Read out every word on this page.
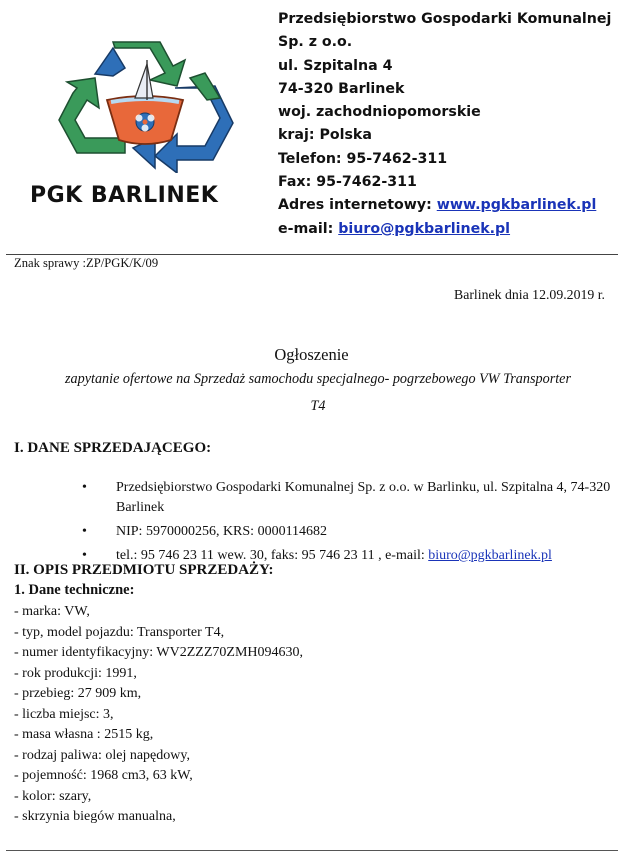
PGK BARLINEK
Przedsiębiorstwo Gospodarki Komunalnej
Sp. z o.o.
ul. Szpitalna 4
74-320 Barlinek
woj. zachodniopomorskie
kraj: Polska
Telefon: 95-7462-311
Fax: 95-7462-311
Adres internetowy: www.pgkbarlinek.pl
e-mail: biuro@pgkbarlinek.pl
Znak sprawy :ZP/PGK/K/09
Barlinek dnia 12.09.2019 r.
Ogłoszenie
zapytanie ofertowe na Sprzedaż samochodu specjalnego- pogrzebowego VW Transporter
T4
I. DANE SPRZEDAJĄCEGO:
• Przedsiębiorstwo Gospodarki Komunalnej Sp. z o.o. w Barlinku, ul. Szpitalna 4, 74-320 Barlinek
• NIP: 5970000256, KRS: 0000114682
• tel.: 95 746 23 11 wew. 30, faks: 95 746 23 11 , e-mail: biuro@pgkbarlinek.pl
II. OPIS PRZEDMIOTU SPRZEDAŻY:
1. Dane techniczne:
- marka: VW,
- typ, model pojazdu: Transporter T4,
- numer identyfikacyjny: WV2ZZZ70ZMH094630,
- rok produkcji: 1991,
- przebieg: 27 909 km,
- liczba miejsc: 3,
- masa własna : 2515 kg,
- rodzaj paliwa: olej napędowy,
- pojemność: 1968 cm3, 63 kW,
- kolor: szary,
- skrzynia biegów manualna,
